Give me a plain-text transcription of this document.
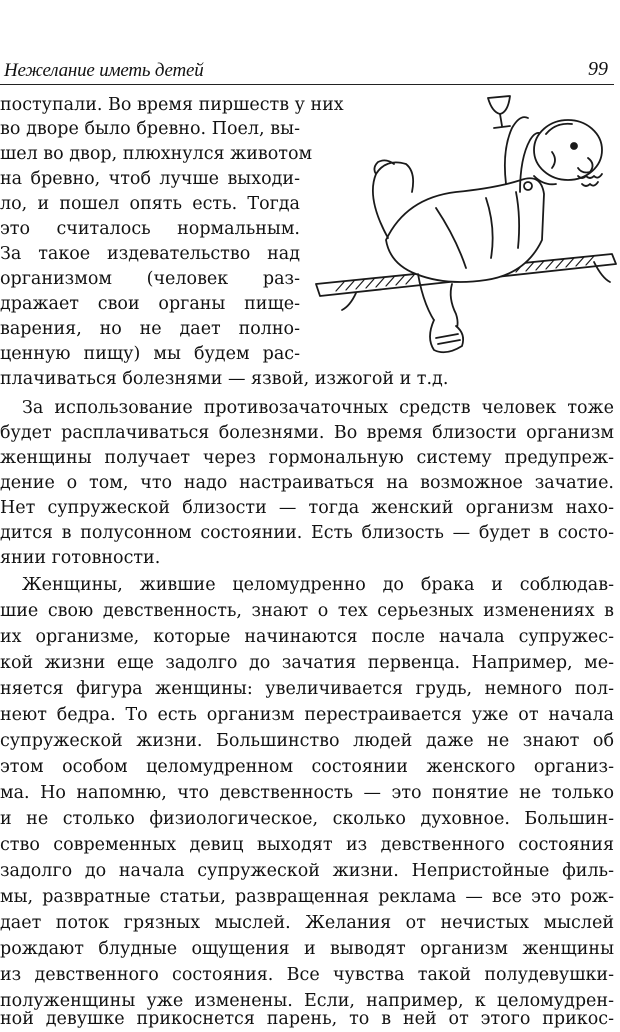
Нежелание иметь детей	99
поступали. Во время пиршеств у них
во дворе было бревно. Поел, вы-
шел во двор, плюхнулся животом
на бревно, чтоб лучше выходи-
ло, и пошел опять есть. Тогда
это считалось нормальным.
За такое издевательство над
организмом (человек раз-
дражает свои органы пище-
варения, но не дает полно-
ценную пищу) мы будем рас-
плачиваться болезнями — язвой, изжогой и т.д.
За использование противозачаточных средств человек тоже
будет расплачиваться болезнями. Во время близости организм
женщины получает через гормональную систему предупреж-
дение о том, что надо настраиваться на возможное зачатие.
Нет супружеской близости — тогда женский организм нахо-
дится в полусонном состоянии. Есть близость — будет в состо-
янии готовности.
Женщины, жившие целомудренно до брака и соблюдав-
шие свою девственность, знают о тех серьезных изменениях в
их организме, которые начинаются после начала супружес-
кой жизни еще задолго до зачатия первенца. Например, ме-
няется фигура женщины: увеличивается грудь, немного пол-
неют бедра. То есть организм перестраивается уже от начала
супружеской жизни. Большинство людей даже не знают об
этом особом целомудренном состоянии женского организ-
ма. Но напомню, что девственность — это понятие не только
и не столько физиологическое, сколько духовное. Большин-
ство современных девиц выходят из девственного состояния
задолго до начала супружеской жизни. Непристойные филь-
мы, развратные статьи, развращенная реклама — все это рож-
дает поток грязных мыслей. Желания от нечистых мыслей
рождают блудные ощущения и выводят организм женщины
из девственного состояния. Все чувства такой полудевушки-
полуженщины уже изменены. Если, например, к целомудрен-
ной девушке прикоснется парень, то в ней от этого прикос-
